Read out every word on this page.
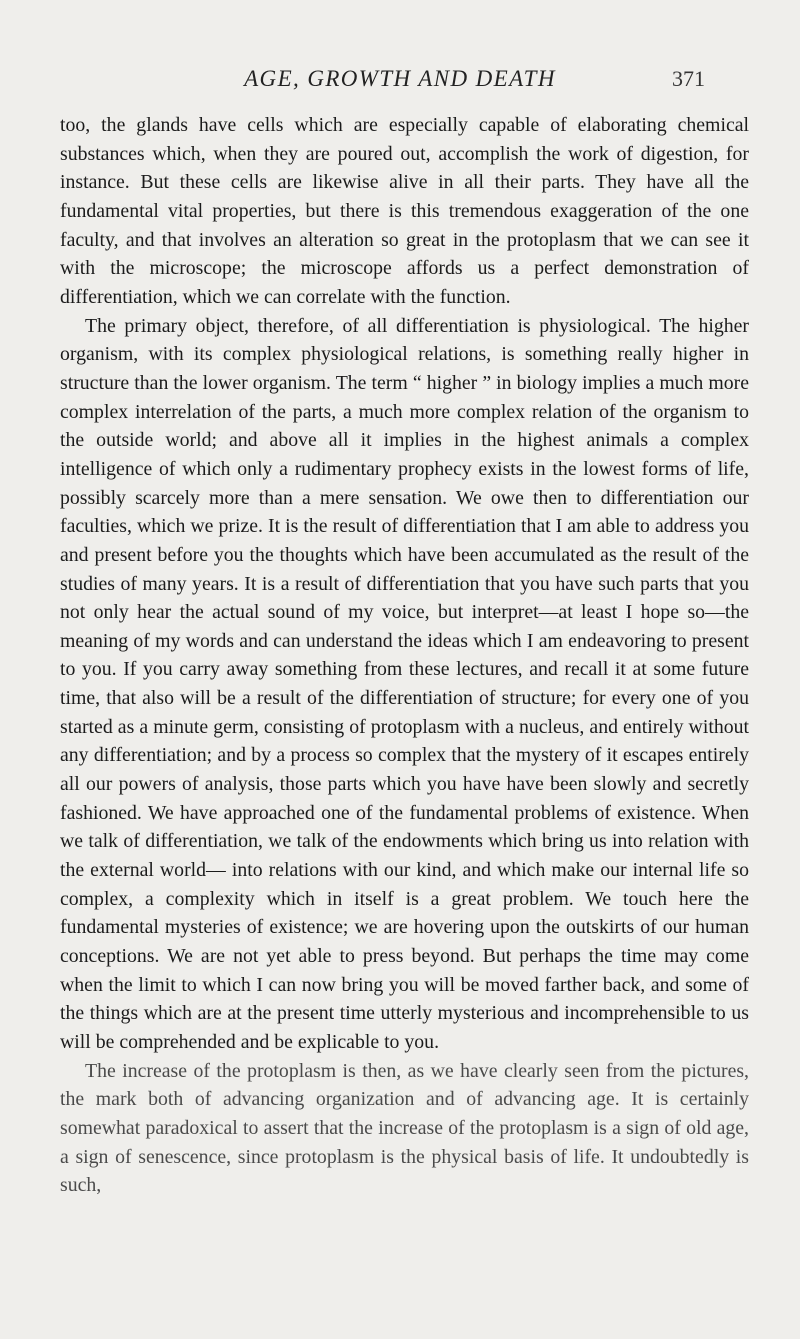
AGE, GROWTH AND DEATH	371

too, the glands have cells which are especially capable of elaborating chemical substances which, when they are poured out, accomplish the work of digestion, for instance. But these cells are likewise alive in all their parts. They have all the fundamental vital properties, but there is this tremendous exaggeration of the one faculty, and that involves an alteration so great in the protoplasm that we can see it with the microscope; the microscope affords us a perfect demonstration of differentiation, which we can correlate with the function.

The primary object, therefore, of all differentiation is physiological. The higher organism, with its complex physiological relations, is something really higher in structure than the lower organism. The term “ higher ” in biology implies a much more complex interrelation of the parts, a much more complex relation of the organism to the outside world; and above all it implies in the highest animals a complex intelligence of which only a rudimentary prophecy exists in the lowest forms of life, possibly scarcely more than a mere sensation. We owe then to differentiation our faculties, which we prize. It is the result of differentiation that I am able to address you and present before you the thoughts which have been accumulated as the result of the studies of many years. It is a result of differentiation that you have such parts that you not only hear the actual sound of my voice, but interpret—at least I hope so—the meaning of my words and can understand the ideas which I am endeavoring to present to you. If you carry away something from these lectures, and recall it at some future time, that also will be a result of the differentiation of structure; for every one of you started as a minute germ, consisting of protoplasm with a nucleus, and entirely without any differentiation; and by a process so complex that the mystery of it escapes entirely all our powers of analysis, those parts which you have have been slowly and secretly fashioned. We have approached one of the fundamental problems of existence. When we talk of differentiation, we talk of the endowments which bring us into relation with the external world— into relations with our kind, and which make our internal life so complex, a complexity which in itself is a great problem. We touch here the fundamental mysteries of existence; we are hovering upon the outskirts of our human conceptions. We are not yet able to press beyond. But perhaps the time may come when the limit to which I can now bring you will be moved farther back, and some of the things which are at the present time utterly mysterious and incomprehensible to us will be comprehended and be explicable to you.

The increase of the protoplasm is then, as we have clearly seen from the pictures, the mark both of advancing organization and of advancing age. It is certainly somewhat paradoxical to assert that the increase of the protoplasm is a sign of old age, a sign of senescence, since protoplasm is the physical basis of life. It undoubtedly is such,
